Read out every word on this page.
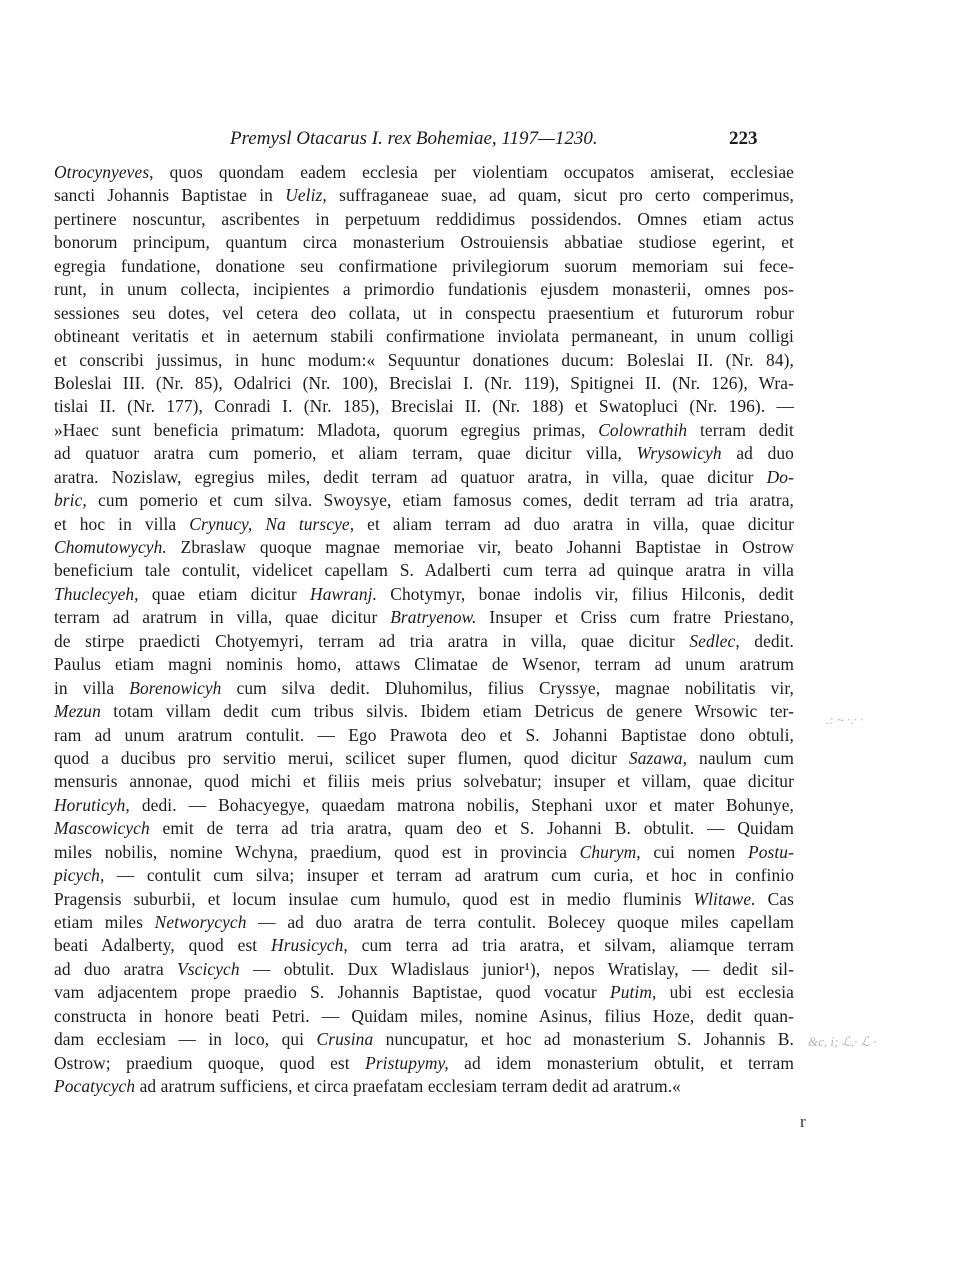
Premysl Otacarus I. rex Bohemiae, 1197—1230.	223
Otrocynyeves, quos quondam eadem ecclesia per violentiam occupatos amiserat, ecclesiae
sancti Johannis Baptistae in Ueliz, suffraganeae suae, ad quam, sicut pro certo comperimus,
pertinere noscuntur, ascribentes in perpetuum reddidimus possidendos. Omnes etiam actus
bonorum principum, quantum circa monasterium Ostrouiensis abbatiae studiose egerint, et
egregia fundatione, donatione seu confirmatione privilegiorum suorum memoriam sui fece-
runt, in unum collecta, incipientes a primordio fundationis ejusdem monasterii, omnes pos-
sessiones seu dotes, vel cetera deo collata, ut in conspectu praesentium et futurorum robur
obtineant veritatis et in aeternum stabili confirmatione inviolata permaneant, in unum colligi
et conscribi jussimus, in hunc modum:« Sequuntur donationes ducum: Boleslai II. (Nr. 84),
Boleslai III. (Nr. 85), Odalrici (Nr. 100), Brecislai I. (Nr. 119), Spitignei II. (Nr. 126), Wra-
tislai II. (Nr. 177), Conradi I. (Nr. 185), Brecislai II. (Nr. 188) et Swatopluci (Nr. 196). —
»Haec sunt beneficia primatum: Mladota, quorum egregius primas, Colowrathih terram dedit
ad quatuor aratra cum pomerio, et aliam terram, quae dicitur villa, Wrysowicyh ad duo
aratra. Nozislaw, egregius miles, dedit terram ad quatuor aratra, in villa, quae dicitur Do-
bric, cum pomerio et cum silva. Swoysye, etiam famosus comes, dedit terram ad tria aratra,
et hoc in villa Crynucy, Na turscye, et aliam terram ad duo aratra in villa, quae dicitur
Chomutowycyh. Zbraslaw quoque magnae memoriae vir, beato Johanni Baptistae in Ostrow
beneficium tale contulit, videlicet capellam S. Adalberti cum terra ad quinque aratra in villa
Thuclecyeh, quae etiam dicitur Hawranj. Chotymyr, bonae indolis vir, filius Hilconis, dedit
terram ad aratrum in villa, quae dicitur Bratryenow. Insuper et Criss cum fratre Priestano,
de stirpe praedicti Chotyemyri, terram ad tria aratra in villa, quae dicitur Sedlec, dedit.
Paulus etiam magni nominis homo, attaws Climatae de Wsenor, terram ad unum aratrum
in villa Borenowicyh cum silva dedit. Dluhomilus, filius Cryssye, magnae nobilitatis vir,
Mezun totam villam dedit cum tribus silvis. Ibidem etiam Detricus de genere Wrsowic ter-
ram ad unum aratrum contulit. — Ego Prawota deo et S. Johanni Baptistae dono obtuli,
quod a ducibus pro servitio merui, scilicet super flumen, quod dicitur Sazawa, naulum cum
mensuris annonae, quod michi et filiis meis prius solvebatur; insuper et villam, quae dicitur
Horuticyh, dedi. — Bohacyegye, quaedam matrona nobilis, Stephani uxor et mater Bohunye,
Mascowicych emit de terra ad tria aratra, quam deo et S. Johanni B. obtulit. — Quidam
miles nobilis, nomine Wchyna, praedium, quod est in provincia Churym, cui nomen Postu-
picych, — contulit cum silva; insuper et terram ad aratrum cum curia, et hoc in confinio
Pragensis suburbii, et locum insulae cum humulo, quod est in medio fluminis Wlitawe. Cas
etiam miles Networycych — ad duo aratra de terra contulit. Bolecey quoque miles capellam
beati Adalberty, quod est Hrusicych, cum terra ad tria aratra, et silvam, aliamque terram
ad duo aratra Vscicych — obtulit. Dux Wladislaus junior¹), nepos Wratislay, — dedit sil-
vam adjacentem prope praedio S. Johannis Baptistae, quod vocatur Putim, ubi est ecclesia
constructa in honore beati Petri. — Quidam miles, nomine Asinus, filius Hoze, dedit quan-
dam ecclesiam — in loco, qui Crusina nuncupatur, et hoc ad monasterium S. Johannis B.
Ostrow; praedium quoque, quod est Pristupymy, ad idem monasterium obtulit, et terram
Pocatycych ad aratrum sufficiens, et circa praefatam ecclesiam terram dedit ad aratrum.«
.: ~ ·.· ·
&c, i; ℒ,· ℒ ·
r
